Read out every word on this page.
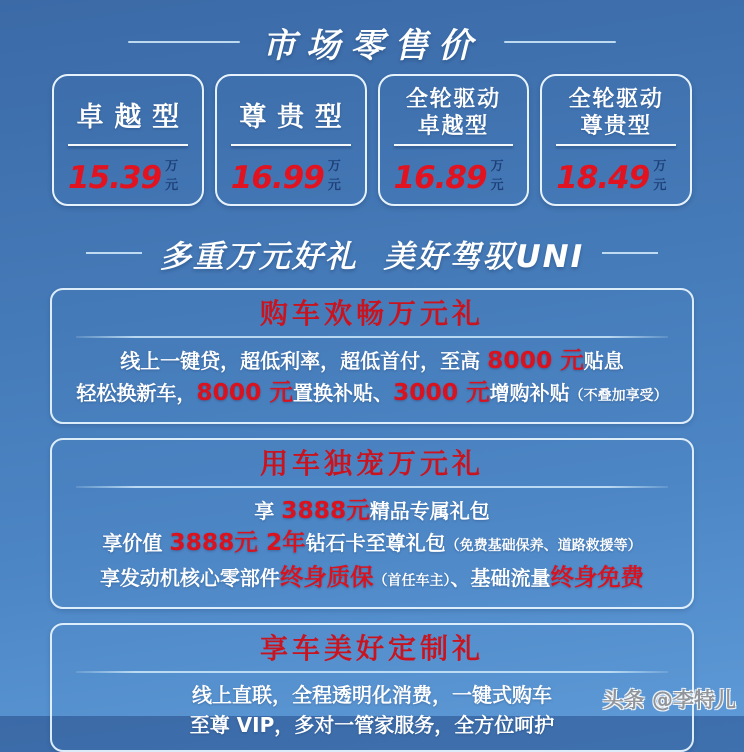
市场零售价
卓越型
15.39 万元
尊贵型
16.99 万元
全轮驱动
卓越型
16.89 万元
全轮驱动
尊贵型
18.49 万元
多重万元好礼  美好驾驭UNI
购车欢畅万元礼
线上一键贷，超低利率，超低首付，至高 8000 元贴息
轻松换新车，8000 元置换补贴、3000 元增购补贴（不叠加享受）
用车独宠万元礼
享 3888元精品专属礼包
享价值 3888元 2年钻石卡至尊礼包（免费基础保养、道路救援等）
享发动机核心零部件终身质保（首任车主）、基础流量终身免费
享车美好定制礼
线上直联，全程透明化消费，一键式购车
至尊 VIP，多对一管家服务，全方位呵护
头条 @李特儿
